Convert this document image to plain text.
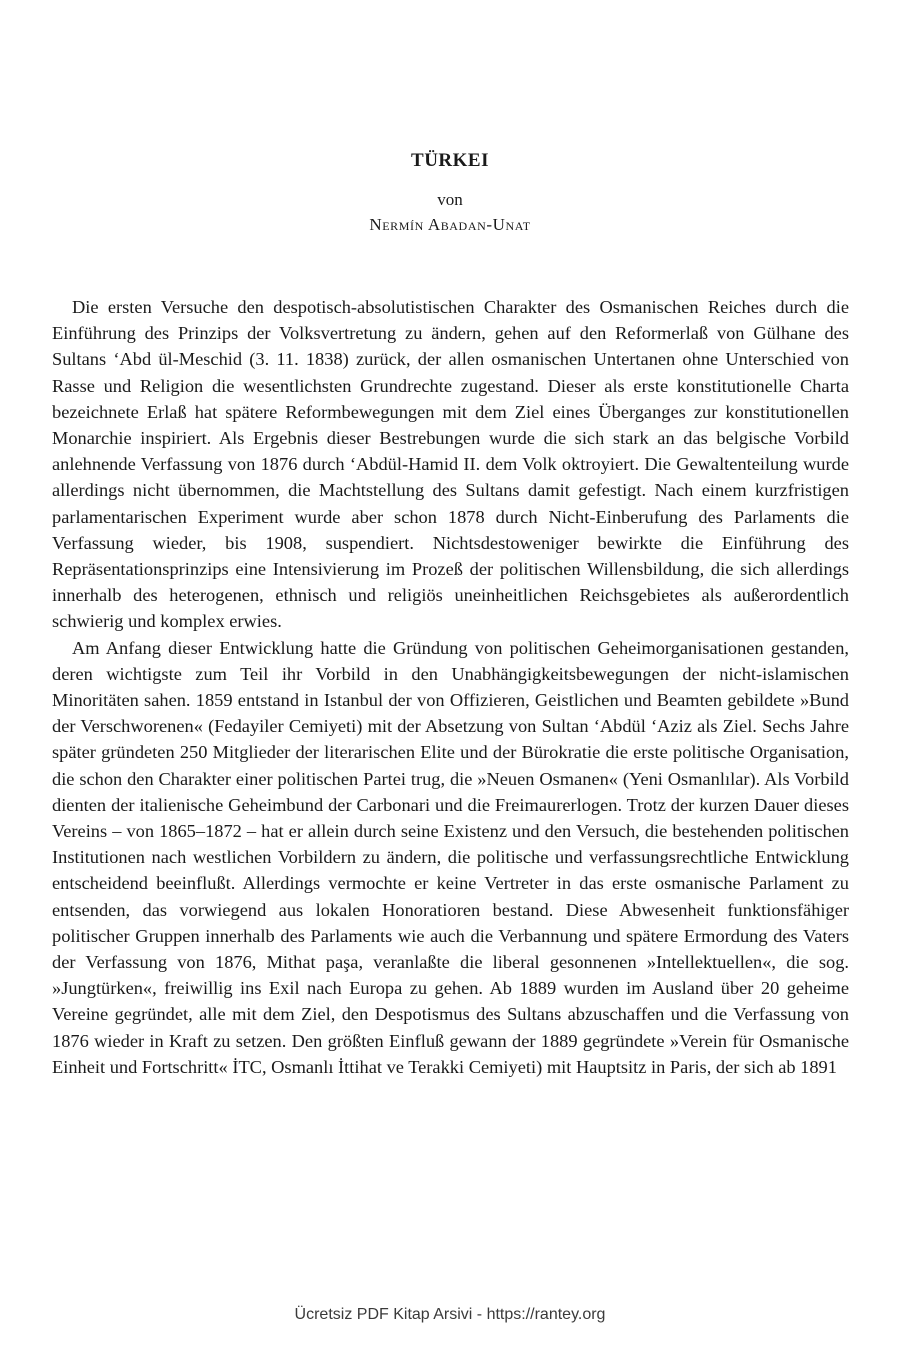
TÜRKEI
von
Nermín Abadan-Unat

Die ersten Versuche den despotisch-absolutistischen Charakter des Osmanischen Reiches durch die Einführung des Prinzips der Volksvertretung zu ändern, gehen auf den Reformerlaß von Gülhane des Sultans ‘Abd ül-Meschid (3. 11. 1838) zurück, der allen osmanischen Untertanen ohne Unterschied von Rasse und Religion die wesentlichsten Grundrechte zugestand. Dieser als erste konstitutionelle Charta bezeichnete Erlaß hat spätere Reformbewegungen mit dem Ziel eines Überganges zur konstitutionellen Monarchie inspiriert. Als Ergebnis dieser Bestrebungen wurde die sich stark an das belgische Vorbild anlehnende Verfassung von 1876 durch ‘Abdül-Hamid II. dem Volk oktroyiert. Die Gewaltenteilung wurde allerdings nicht übernommen, die Machtstellung des Sultans damit gefestigt. Nach einem kurzfristigen parlamentarischen Experiment wurde aber schon 1878 durch Nicht-Einberufung des Parlaments die Verfassung wieder, bis 1908, suspendiert. Nichtsdestoweniger bewirkte die Einführung des Repräsentationsprinzips eine Intensivierung im Prozeß der politischen Willensbildung, die sich allerdings innerhalb des heterogenen, ethnisch und religiös uneinheitlichen Reichsgebietes als außerordentlich schwierig und komplex erwies.

Am Anfang dieser Entwicklung hatte die Gründung von politischen Geheimorganisationen gestanden, deren wichtigste zum Teil ihr Vorbild in den Unabhängigkeitsbewegungen der nicht-islamischen Minoritäten sahen. 1859 entstand in Istanbul der von Offizieren, Geistlichen und Beamten gebildete »Bund der Verschworenen« (Fedayiler Cemiyeti) mit der Absetzung von Sultan ‘Abdül ‘Aziz als Ziel. Sechs Jahre später gründeten 250 Mitglieder der literarischen Elite und der Bürokratie die erste politische Organisation, die schon den Charakter einer politischen Partei trug, die »Neuen Osmanen« (Yeni Osmanlılar). Als Vorbild dienten der italienische Geheimbund der Carbonari und die Freimaurerlogen. Trotz der kurzen Dauer dieses Vereins – von 1865–1872 – hat er allein durch seine Existenz und den Versuch, die bestehenden politischen Institutionen nach westlichen Vorbildern zu ändern, die politische und verfassungsrechtliche Entwicklung entscheidend beeinflußt. Allerdings vermochte er keine Vertreter in das erste osmanische Parlament zu entsenden, das vorwiegend aus lokalen Honoratioren bestand. Diese Abwesenheit funktionsfähiger politischer Gruppen innerhalb des Parlaments wie auch die Verbannung und spätere Ermordung des Vaters der Verfassung von 1876, Mithat paşa, veranlaßte die liberal gesonnenen »Intellektuellen«, die sog. »Jungtürken«, freiwillig ins Exil nach Europa zu gehen. Ab 1889 wurden im Ausland über 20 geheime Vereine gegründet, alle mit dem Ziel, den Despotismus des Sultans abzuschaffen und die Verfassung von 1876 wieder in Kraft zu setzen. Den größten Einfluß gewann der 1889 gegründete »Verein für Osmanische Einheit und Fortschritt« İTC, Osmanlı İttihat ve Terakki Cemiyeti) mit Hauptsitz in Paris, der sich ab 1891

Ücretsiz PDF Kitap Arsivi - https://rantey.org
